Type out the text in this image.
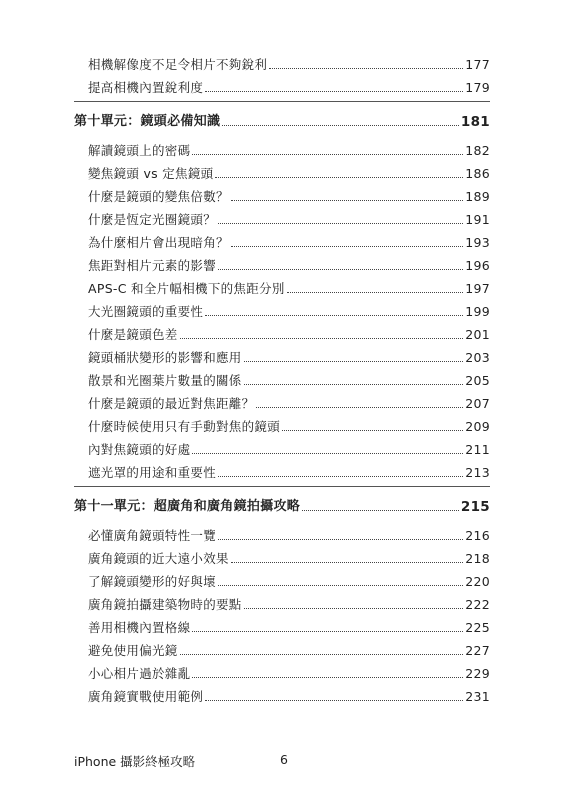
相機解像度不足令相片不夠銳利	177
提高相機內置銳利度	179
第十單元：鏡頭必備知識	181
解讀鏡頭上的密碼	182
變焦鏡頭 vs 定焦鏡頭	186
什麼是鏡頭的變焦倍數？	189
什麼是恆定光圈鏡頭？	191
為什麼相片會出現暗角？	193
焦距對相片元素的影響	196
APS-C 和全片幅相機下的焦距分別	197
大光圈鏡頭的重要性	199
什麼是鏡頭色差	201
鏡頭桶狀變形的影響和應用	203
散景和光圈葉片數量的關係	205
什麼是鏡頭的最近對焦距離？	207
什麼時候使用只有手動對焦的鏡頭	209
內對焦鏡頭的好處	211
遮光罩的用途和重要性	213
第十一單元：超廣角和廣角鏡拍攝攻略	215
必懂廣角鏡頭特性一覽	216
廣角鏡頭的近大遠小效果	218
了解鏡頭變形的好與壞	220
廣角鏡拍攝建築物時的要點	222
善用相機內置格線	225
避免使用偏光鏡	227
小心相片過於雜亂	229
廣角鏡實戰使用範例	231
iPhone 攝影終極攻略	6
